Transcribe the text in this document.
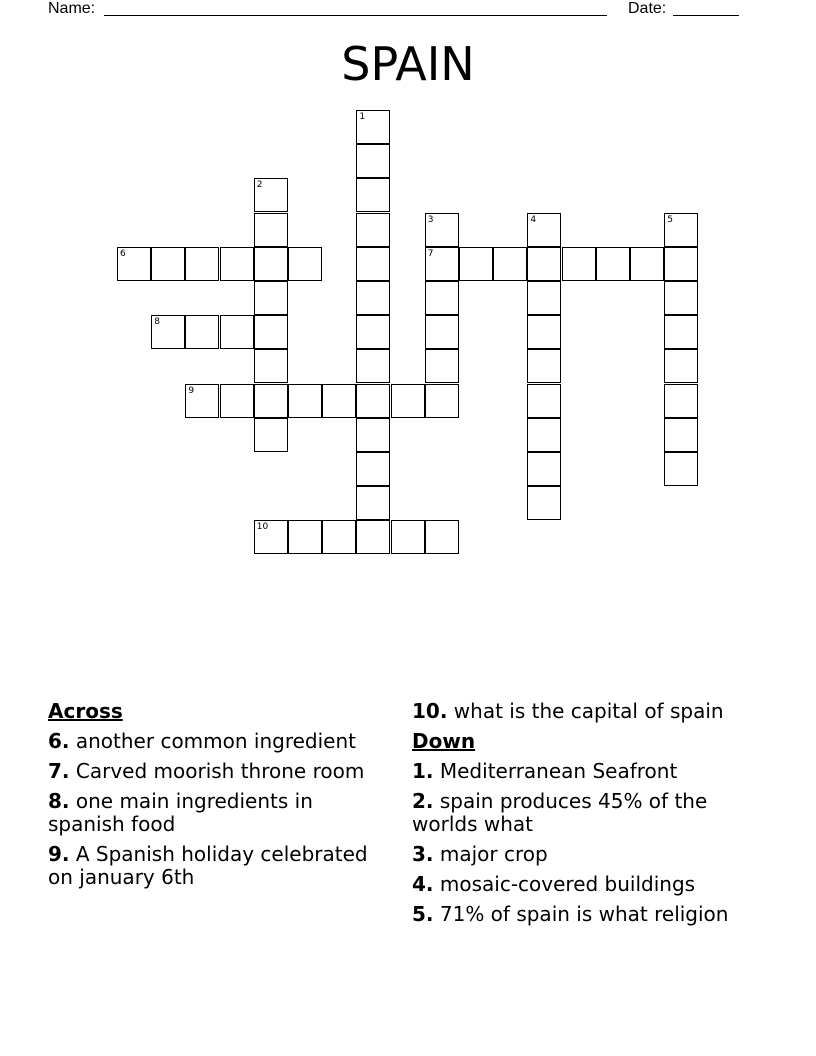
Name:	Date:
SPAIN
1
2
3
7
4	5
6
8
9
10
Across
6. another common ingredient
7. Carved moorish throne room
8. one main ingredients in spanish food
9. A Spanish holiday celebrated on january 6th
10. what is the capital of spain
Down
1. Mediterranean Seafront
2. spain produces 45% of the worlds what
3. major crop
4. mosaic-covered buildings
5. 71% of spain is what religion
